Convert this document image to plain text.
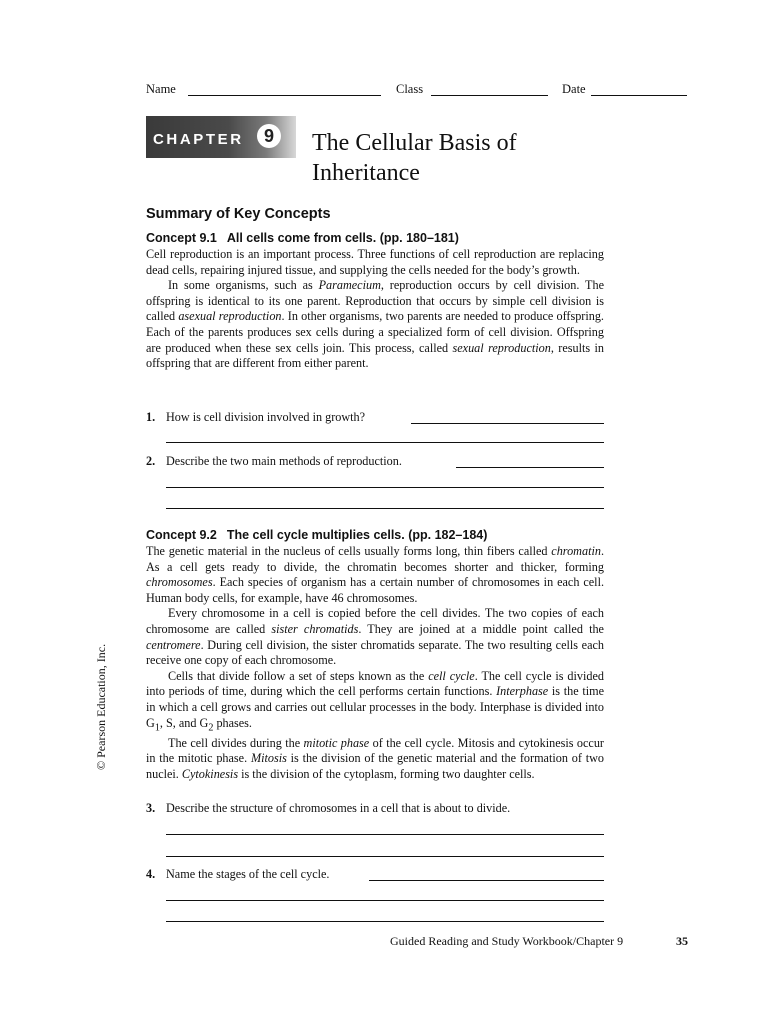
Name	Class	Date
CHAPTER	9 The Cellular Basis of
Inheritance
Summary of Key Concepts
Concept 9.1 All cells come from cells. (pp. 180–181)

Cell reproduction is an important process. Three functions of cell reproduction are replacing dead cells, repairing injured tissue, and supplying the cells needed for the body’s growth.

In some organisms, such as Paramecium, reproduction occurs by cell division. The offspring is identical to its one parent. Reproduction that occurs by simple cell division is called asexual reproduction. In other organisms, two parents are needed to produce offspring. Each of the parents produces sex cells during a specialized form of cell division. Offspring are produced when these sex cells join. This process, called sexual reproduction, results in offspring that are different from either parent.

1. How is cell division involved in growth?
2. Describe the two main methods of reproduction.
Concept 9.2 The cell cycle multiplies cells. (pp. 182–184)

The genetic material in the nucleus of cells usually forms long, thin fibers called chromatin. As a cell gets ready to divide, the chromatin becomes shorter and thicker, forming chromosomes. Each species of organism has a certain number of chromosomes in each cell. Human body cells, for example, have 46 chromosomes.

Every chromosome in a cell is copied before the cell divides. The two copies of each chromosome are called sister chromatids. They are joined at a middle point called the centromere. During cell division, the sister chromatids separate. The two resulting cells each receive one copy of each chromosome.

Cells that divide follow a set of steps known as the cell cycle. The cell cycle is divided into periods of time, during which the cell performs certain functions. Interphase is the time in which a cell grows and carries out cellular processes in the body. Interphase is divided into $G_1$, S, and $G_2$ phases.

The cell divides during the mitotic phase of the cell cycle. Mitosis and cytokinesis occur in the mitotic phase. Mitosis is the division of the genetic material and the formation of two nuclei. Cytokinesis is the division of the cytoplasm, forming two daughter cells.

3. Describe the structure of chromosomes in a cell that is about to divide.
4. Name the stages of the cell cycle.
© Pearson Education, Inc.
Guided Reading and Study Workbook/Chapter 9	35
